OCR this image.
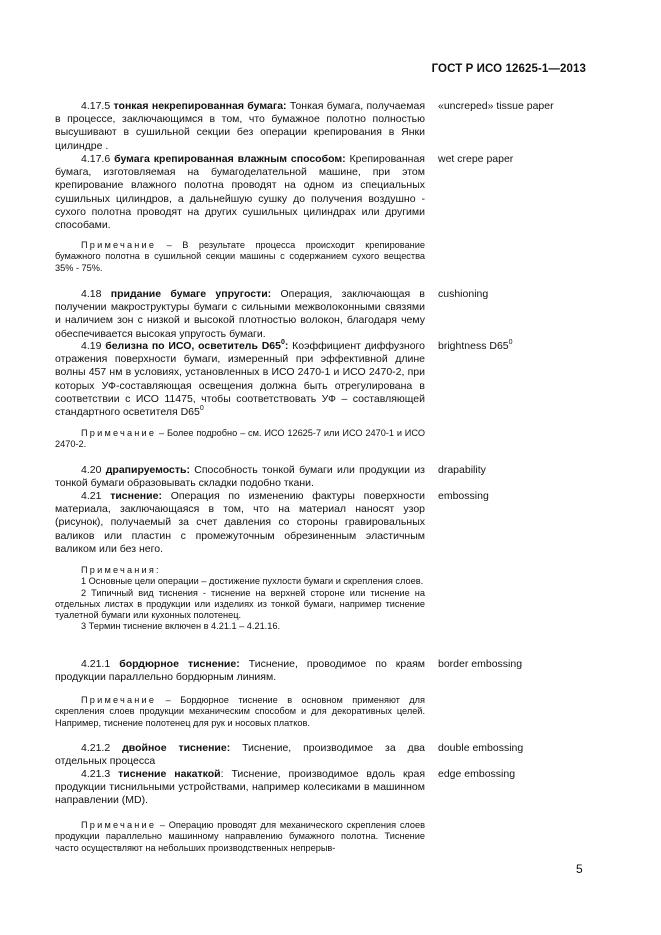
ГОСТ Р ИСО 12625-1—2013

4.17.5 тонкая некрепированная бумага: Тонкая бумага, получаемая в процессе, заключающимся в том, что бумажное полотно полностью высушивают в сушильной секции без операции крепирования в Янки цилиндре .

«uncreped» tissue paper

4.17.6 бумага крепированная влажным способом: Крепированная бумага, изготовляемая на бумагоделательной машине, при этом крепирование влажного полотна проводят на одном из специальных сушильных цилиндров, а дальнейшую сушку до получения воздушно - сухого полотна проводят на других сушильных цилиндрах или другими способами.

wet crepe paper

Примечание – В результате процесса происходит крепирование бумажного полотна в сушильной секции машины с содержанием сухого вещества 35% - 75%.

4.18 придание бумаге упругости: Операция, заключающая в получении макроструктуры бумаги с сильными межволоконными связями и наличием зон с низкой и высокой плотностью волокон, благодаря чему обеспечивается высокая упругость бумаги.

cushioning

4.19 белизна по ИСО, осветитель $D65^0$: Коэффициент диффузного отражения поверхности бумаги, измеренный при эффективной длине волны 457 нм в условиях, установленных в ИСО 2470-1 и ИСО 2470-2, при которых УФ-составляющая освещения должна быть отрегулирована в соответствии с ИСО 11475, чтобы соответствовать УФ – составляющей стандартного осветителя $D65^0$

brightness $D65^0$

Примечание – Более подробно – см. ИСО 12625-7 или ИСО 2470-1 и ИСО 2470-2.

4.20 драпируемость: Способность тонкой бумаги или продукции из тонкой бумаги образовывать складки подобно ткани.

drapability

4.21 тиснение: Операция по изменению фактуры поверхности материала, заключающаяся в том, что на материал наносят узор (рисунок), получаемый за счет давления со стороны гравировальных валиков или пластин с промежуточным обрезиненным эластичным валиком или без него.

embossing

Примечания:

1 Основные цели операции – достижение пухлости бумаги и скрепления слоев.

2 Типичный вид тиснения - тиснение на верхней стороне или тиснение на отдельных листах в продукции или изделиях из тонкой бумаги, например тиснение туалетной бумаги или кухонных полотенец.

3 Термин тиснение включен в 4.21.1 – 4.21.16.

4.21.1 бордюрное тиснение: Тиснение, проводимое по краям продукции параллельно бордюрным линиям.

border embossing

Примечание – Бордюрное тиснение в основном применяют для скрепления слоев продукции механическим способом и для декоративных целей. Например, тиснение полотенец для рук и носовых платков.

4.21.2 двойное тиснение: Тиснение, производимое за два отдельных процесса

double embossing

4.21.3 тиснение накаткой: Тиснение, производимое вдоль края продукции тиснильными устройствами, например колесиками в машинном направлении (MD).

edge embossing

Примечание – Операцию проводят для механического скрепления слоев продукции параллельно машинному направлению бумажного полотна. Тиснение часто осуществляют на небольших производственных непрерыв-

5
